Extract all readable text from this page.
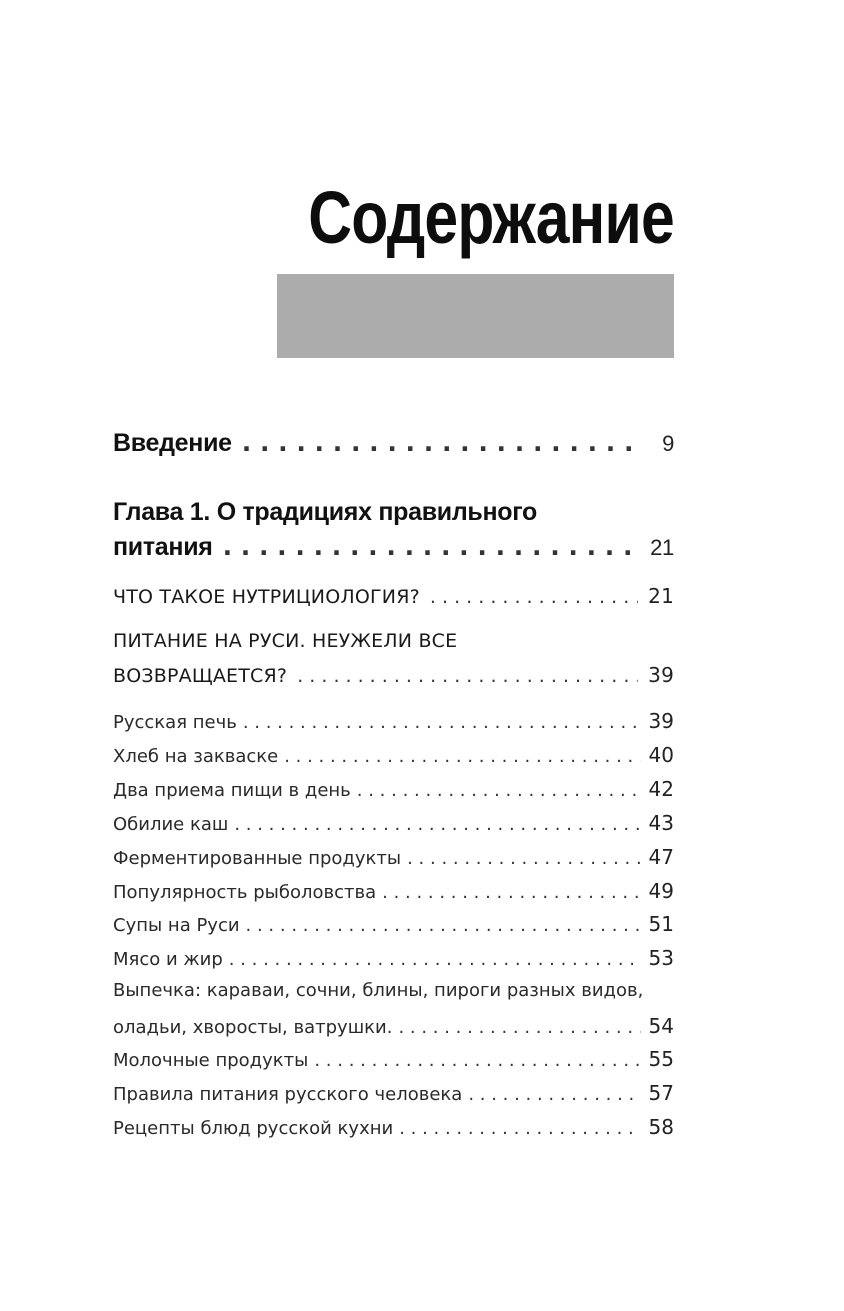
Содержание
Введение . . .	9
Глава 1. О традициях правильного
питания . . .	21
ЧТО ТАКОЕ НУТРИЦИОЛОГИЯ? . . .	21
ПИТАНИЕ НА РУСИ. НЕУЖЕЛИ ВСЕ
ВОЗВРАЩАЕТСЯ? . . .	39
Русская печь . . .	39
Хлеб на закваске . . .	40
Два приема пищи в день . . .	42
Обилие каш . . .	43
Ферментированные продукты . . .	47
Популярность рыболовства . . .	49
Супы на Руси . . .	51
Мясо и жир . . .	53
Выпечка: караваи, сочни, блины, пироги разных видов,
оладьи, хворосты, ватрушки. . . .	54
Молочные продукты . . .	55
Правила питания русского человека . . .	57
Рецепты блюд русской кухни . . .	58
